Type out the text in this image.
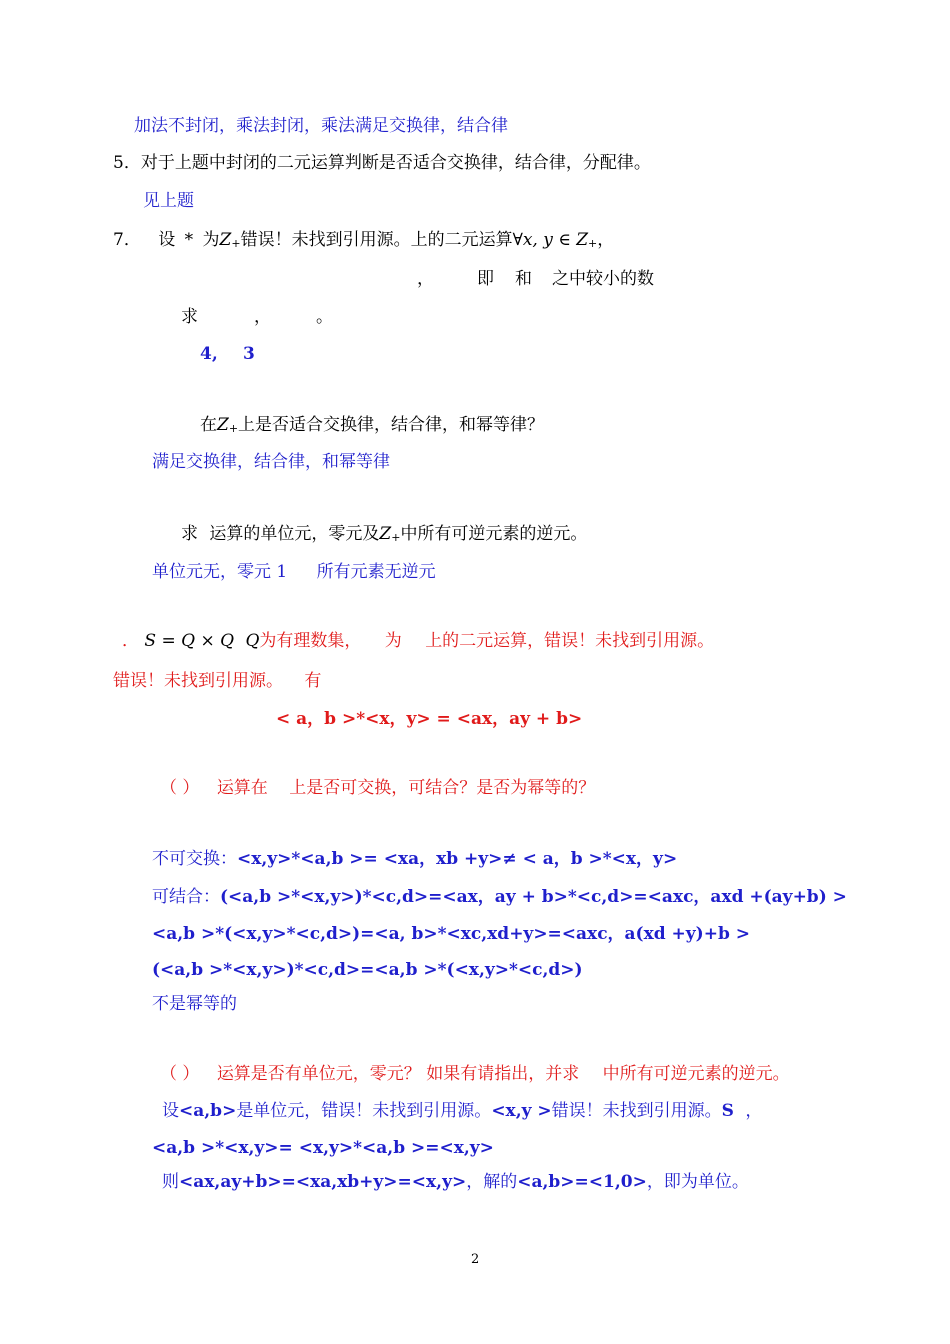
加法不封闭，乘法封闭，乘法满足交换律，结合律
5．对于上题中封闭的二元运算判断是否适合交换律，结合律，分配律。
见上题
7． 设 * 为Z+错误！未找到引用源。上的二元运算∀x, y ∈ Z+，
，	即 和 之中较小的数
求	，	。
4, 3
在Z+上是否适合交换律，结合律，和幂等律？
满足交换律，结合律，和幂等律
求 运算的单位元，零元及Z+中所有可逆元素的逆元。
单位元无，零元 1 所有元素无逆元
． S = Q × Q Q为有理数集， 为 上的二元运算，错误！未找到引用源。
错误！未找到引用源。 有
< a，b >*<x，y> = <ax，ay + b>
（ ） 运算在 上是否可交换，可结合？是否为幂等的？
不可交换：<x,y>*<a,b >= <xa，xb +y>≠ < a，b >*<x，y>
可结合：(<a,b >*<x,y>)*<c,d>=<ax，ay + b>*<c,d>=<axc，axd +(ay+b) >
<a,b >*(<x,y>*<c,d>)=<a, b>*<xc,xd+y>=<axc，a(xd +y)+b >
(<a,b >*<x,y>)*<c,d>=<a,b >*(<x,y>*<c,d>)
不是幂等的
（ ） 运算是否有单位元，零元？ 如果有请指出，并求 中所有可逆元素的逆元。
设<a,b>是单位元，错误！未找到引用源。<x,y >错误！未找到引用源。S ，
<a,b >*<x,y>= <x,y>*<a,b >=<x,y>
则<ax,ay+b>=<xa,xb+y>=<x,y>，解的<a,b>=<1,0>，即为单位。
2
